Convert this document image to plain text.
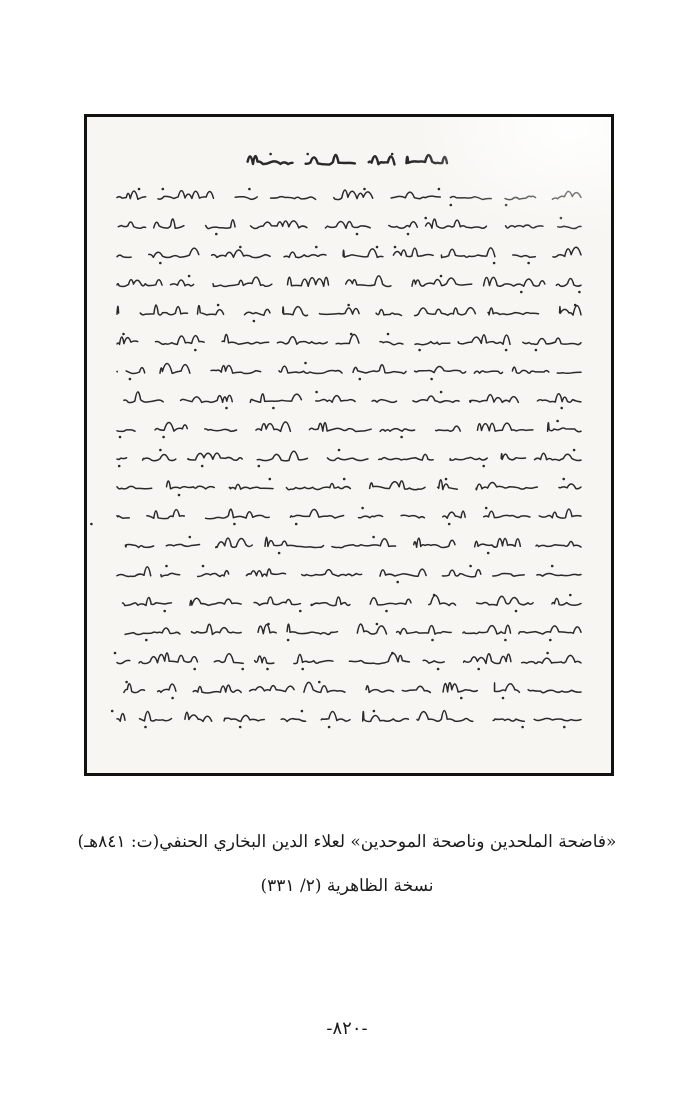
«فاضحة الملحدين وناصحة الموحدين» لعلاء الدين البخاري الحنفي(ت: ٨٤١هـ)
نسخة الظاهرية (٢/ ٣٣١)
-٨٢٠-
